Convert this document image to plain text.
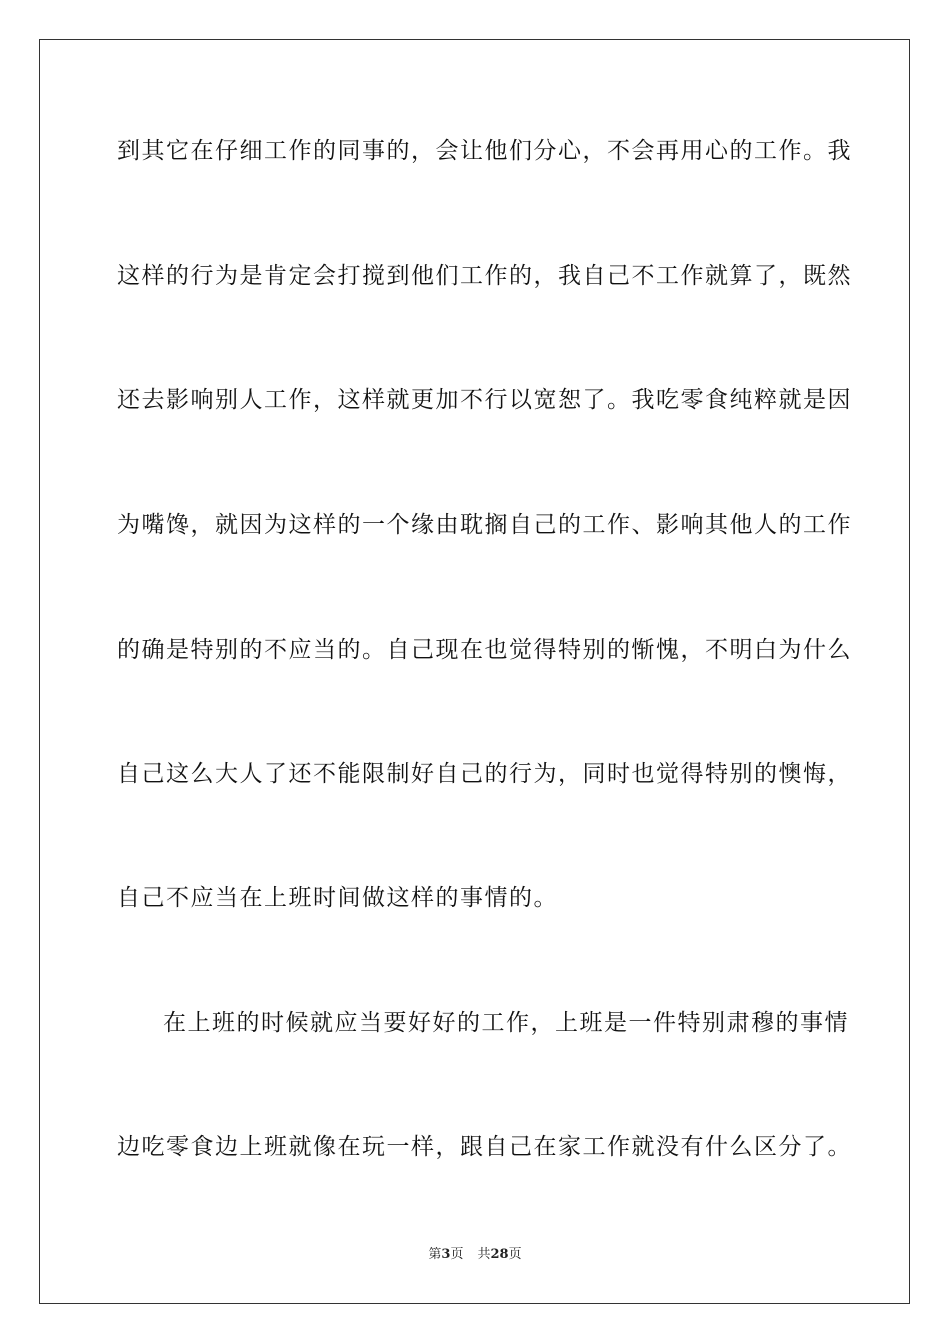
到其它在仔细工作的同事的，会让他们分心，不会再用心的工作。我
这样的行为是肯定会打搅到他们工作的，我自己不工作就算了，既然
还去影响别人工作，这样就更加不行以宽恕了。我吃零食纯粹就是因
为嘴馋，就因为这样的一个缘由耽搁自己的工作、影响其他人的工作
的确是特别的不应当的。自己现在也觉得特别的惭愧，不明白为什么
自己这么大人了还不能限制好自己的行为，同时也觉得特别的懊悔，
自己不应当在上班时间做这样的事情的。
在上班的时候就应当要好好的工作，上班是一件特别肃穆的事情
边吃零食边上班就像在玩一样，跟自己在家工作就没有什么区分了。
第3页 共28页
